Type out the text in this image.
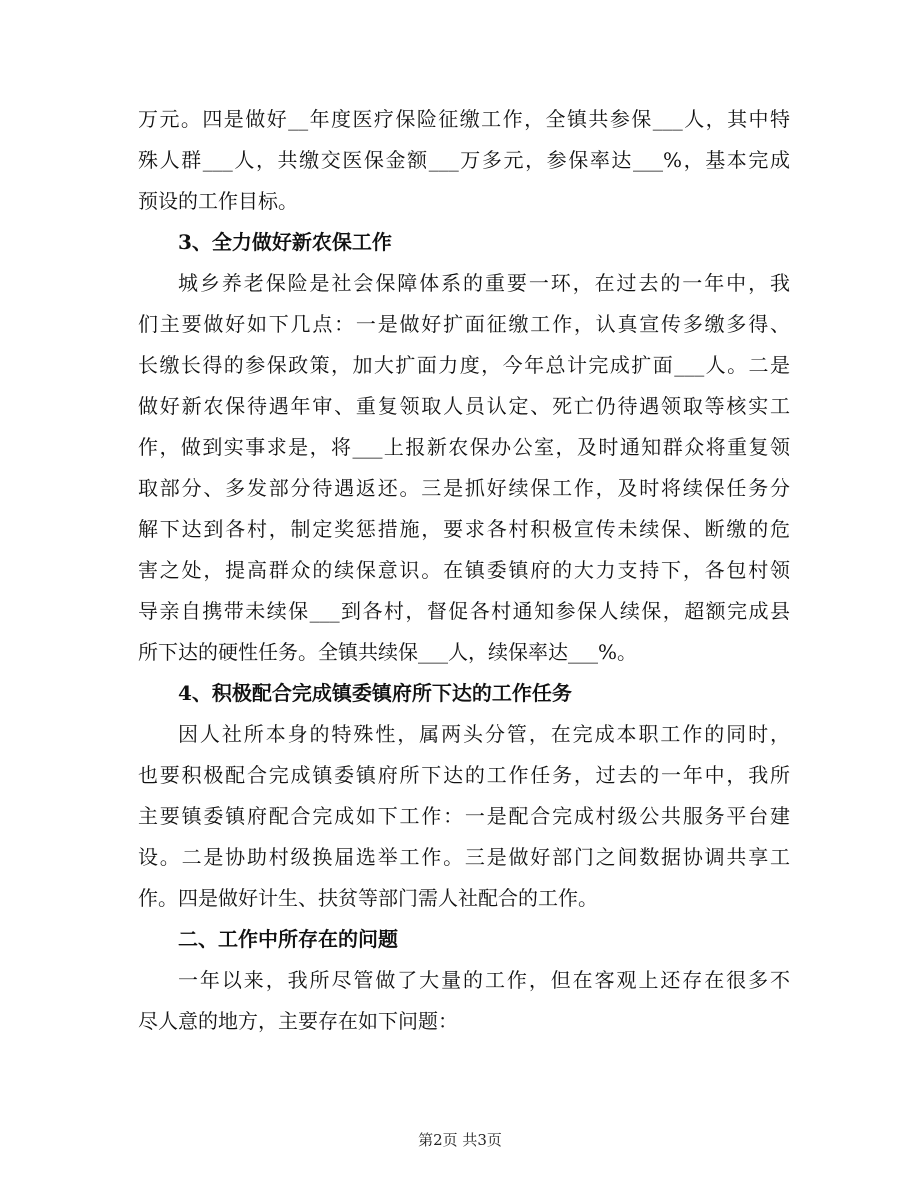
万元。四是做好__年度医疗保险征缴工作，全镇共参保___人，其中特
殊人群___人，共缴交医保金额___万多元，参保率达___%，基本完成
预设的工作目标。
3、全力做好新农保工作
城乡养老保险是社会保障体系的重要一环，在过去的一年中，我
们主要做好如下几点：一是做好扩面征缴工作，认真宣传多缴多得、
长缴长得的参保政策，加大扩面力度，今年总计完成扩面___人。二是
做好新农保待遇年审、重复领取人员认定、死亡仍待遇领取等核实工
作，做到实事求是，将___上报新农保办公室，及时通知群众将重复领
取部分、多发部分待遇返还。三是抓好续保工作，及时将续保任务分
解下达到各村，制定奖惩措施，要求各村积极宣传未续保、断缴的危
害之处，提高群众的续保意识。在镇委镇府的大力支持下，各包村领
导亲自携带未续保___到各村，督促各村通知参保人续保，超额完成县
所下达的硬性任务。全镇共续保___人，续保率达___%。
4、积极配合完成镇委镇府所下达的工作任务
因人社所本身的特殊性，属两头分管，在完成本职工作的同时，
也要积极配合完成镇委镇府所下达的工作任务，过去的一年中，我所
主要镇委镇府配合完成如下工作：一是配合完成村级公共服务平台建
设。二是协助村级换届选举工作。三是做好部门之间数据协调共享工
作。四是做好计生、扶贫等部门需人社配合的工作。
二、工作中所存在的问题
一年以来，我所尽管做了大量的工作，但在客观上还存在很多不
尽人意的地方，主要存在如下问题：
第2页 共3页
